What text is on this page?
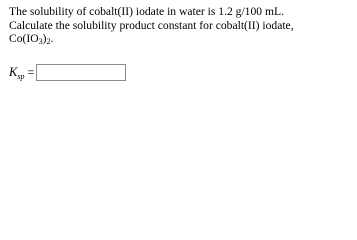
The solubility of cobalt(II) iodate in water is 1.2 g/100 mL.
Calculate the solubility product constant for cobalt(II) iodate,
$Co(IO_3)_2$.
$K_{sp}$ =
